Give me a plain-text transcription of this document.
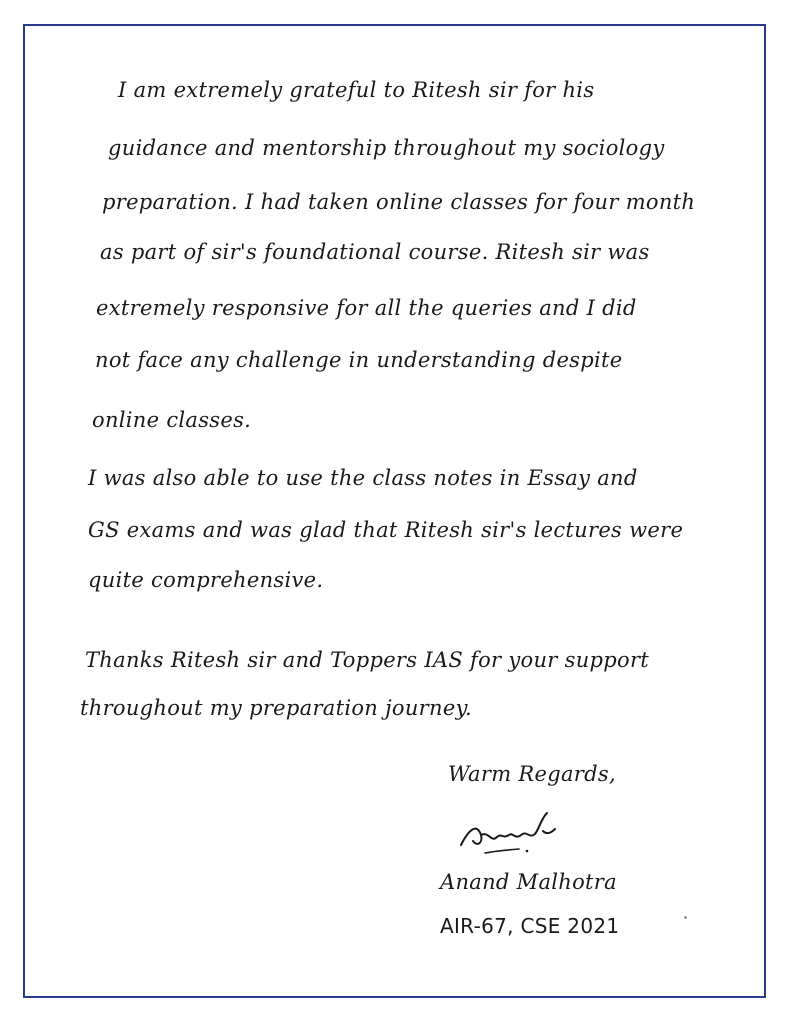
I am extremely grateful to Ritesh sir for his
guidance and mentorship throughout my sociology
preparation. I had taken online classes for four month
as part of sir's foundational course. Ritesh sir was
extremely responsive for all the queries and I did
not face any challenge in understanding despite
online classes.
I was also able to use the class notes in Essay and
GS exams and was glad that Ritesh sir's lectures were
quite comprehensive.
Thanks Ritesh sir and Toppers IAS for your support
throughout my preparation journey.
Warm Regards,
Anand Malhotra
AIR-67, CSE 2021
